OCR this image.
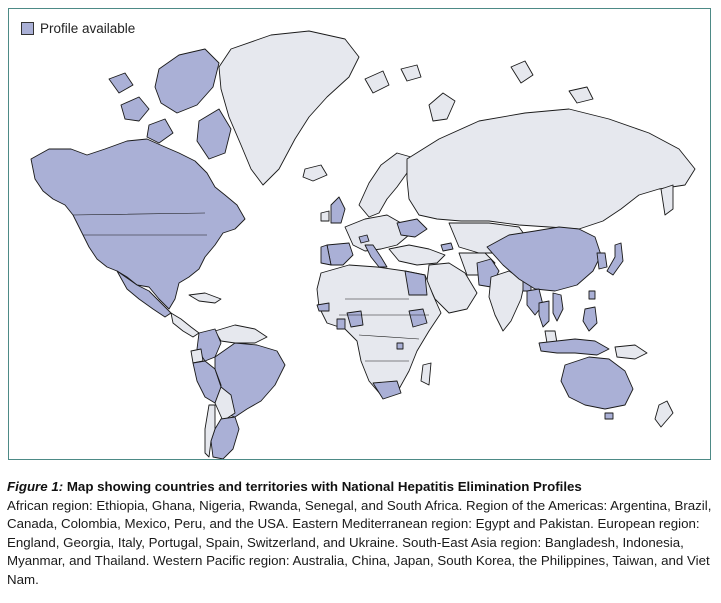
Profile available
Figure 1: Map showing countries and territories with National Hepatitis Elimination Profiles
African region: Ethiopia, Ghana, Nigeria, Rwanda, Senegal, and South Africa. Region of the Americas: Argentina, Brazil, Canada, Colombia, Mexico, Peru, and the USA. Eastern Mediterranean region: Egypt and Pakistan. European region: England, Georgia, Italy, Portugal, Spain, Switzerland, and Ukraine. South-East Asia region: Bangladesh, Indonesia, Myanmar, and Thailand. Western Pacific region: Australia, China, Japan, South Korea, the Philippines, Taiwan, and Viet Nam.
